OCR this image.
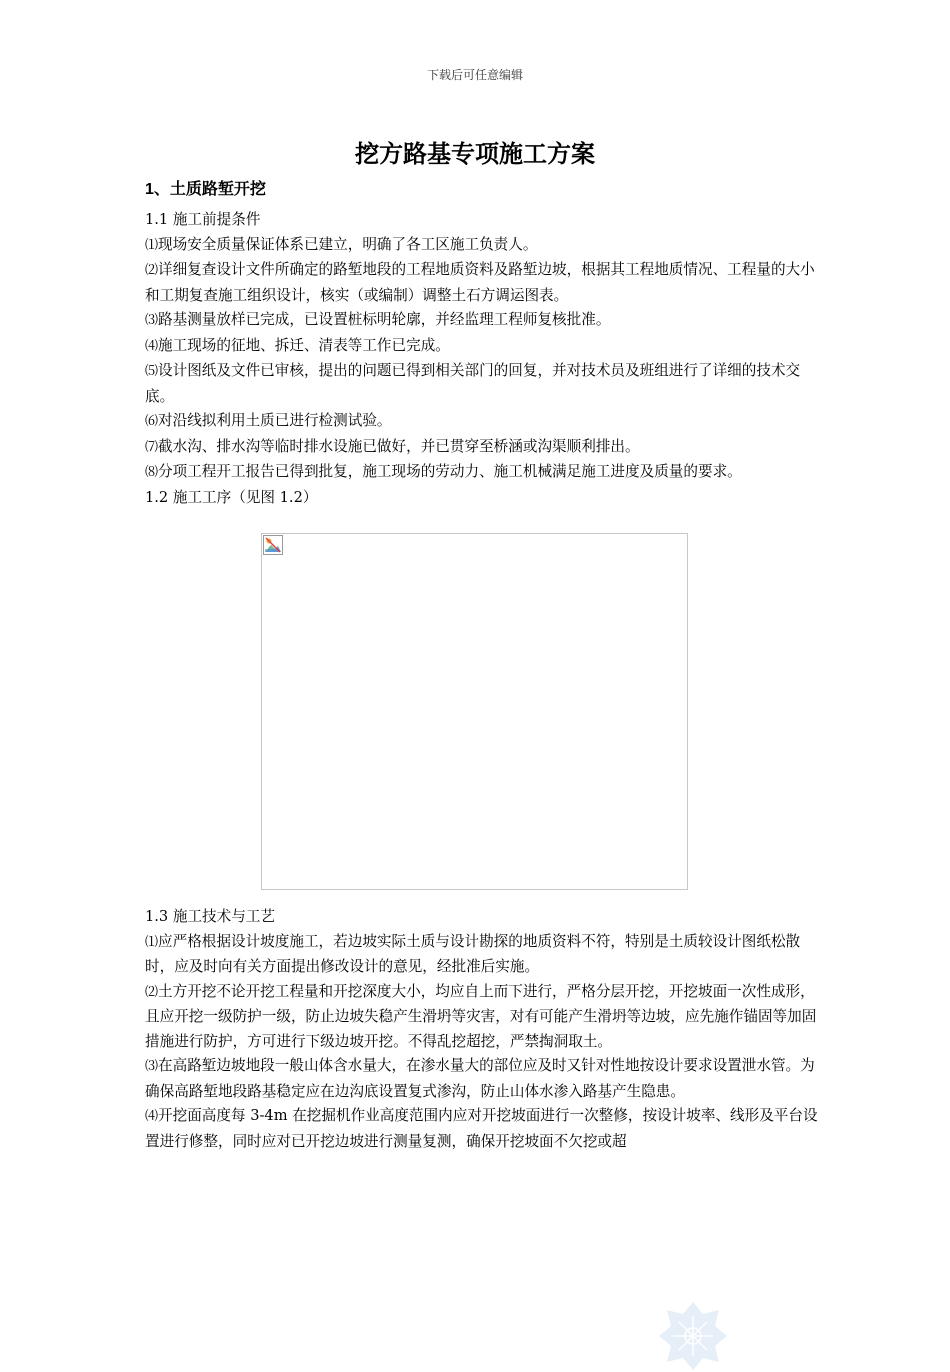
下载后可任意编辑
挖方路基专项施工方案
1、土质路堑开挖

1.1 施工前提条件

⑴现场安全质量保证体系已建立，明确了各工区施工负责人。

⑵详细复查设计文件所确定的路堑地段的工程地质资料及路堑边坡，根据其工程地质情况、工程量的大小和工期复查施工组织设计，核实（或编制）调整土石方调运图表。

⑶路基测量放样已完成，已设置桩标明轮廓，并经监理工程师复核批准。

⑷施工现场的征地、拆迁、清表等工作已完成。

⑸设计图纸及文件已审核，提出的问题已得到相关部门的回复，并对技术员及班组进行了详细的技术交底。

⑹对沿线拟利用土质已进行检测试验。

⑺截水沟、排水沟等临时排水设施已做好，并已贯穿至桥涵或沟渠顺利排出。

⑻分项工程开工报告已得到批复，施工现场的劳动力、施工机械满足施工进度及质量的要求。

1.2 施工工序（见图 1.2）

1.3 施工技术与工艺

⑴应严格根据设计坡度施工，若边坡实际土质与设计勘探的地质资料不符，特别是土质较设计图纸松散时，应及时向有关方面提出修改设计的意见，经批准后实施。

⑵土方开挖不论开挖工程量和开挖深度大小，均应自上而下进行，严格分层开挖，开挖坡面一次性成形，且应开挖一级防护一级，防止边坡失稳产生滑坍等灾害，对有可能产生滑坍等边坡，应先施作锚固等加固措施进行防护，方可进行下级边坡开挖。不得乱挖超挖，严禁掏洞取土。

⑶在高路堑边坡地段一般山体含水量大，在渗水量大的部位应及时又针对性地按设计要求设置泄水管。为确保高路堑地段路基稳定应在边沟底设置复式渗沟，防止山体水渗入路基产生隐患。

⑷开挖面高度每 3-4m 在挖掘机作业高度范围内应对开挖坡面进行一次整修，按设计坡率、线形及平台设置进行修整，同时应对已开挖边坡进行测量复测，确保开挖坡面不欠挖或超
